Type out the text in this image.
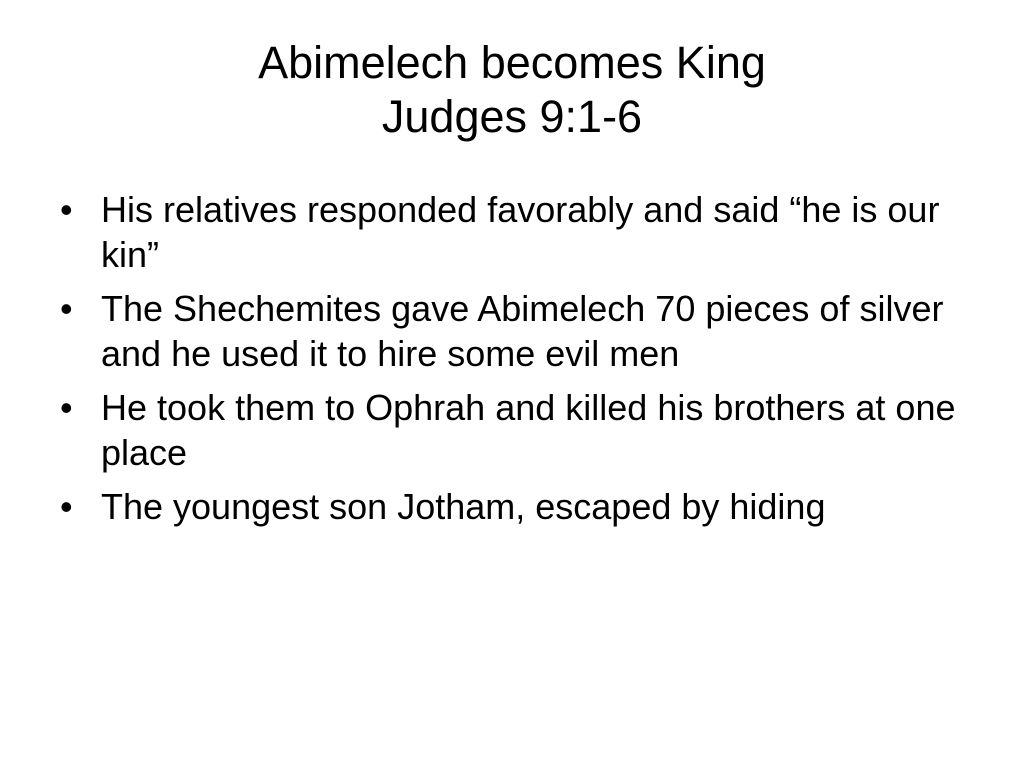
Abimelech becomes King
Judges 9:1-6
• His relatives responded favorably and said “he is our kin”
• The Shechemites gave Abimelech 70 pieces of silver and he used it to hire some evil men
• He took them to Ophrah and killed his brothers at one place
• The youngest son Jotham, escaped by hiding
